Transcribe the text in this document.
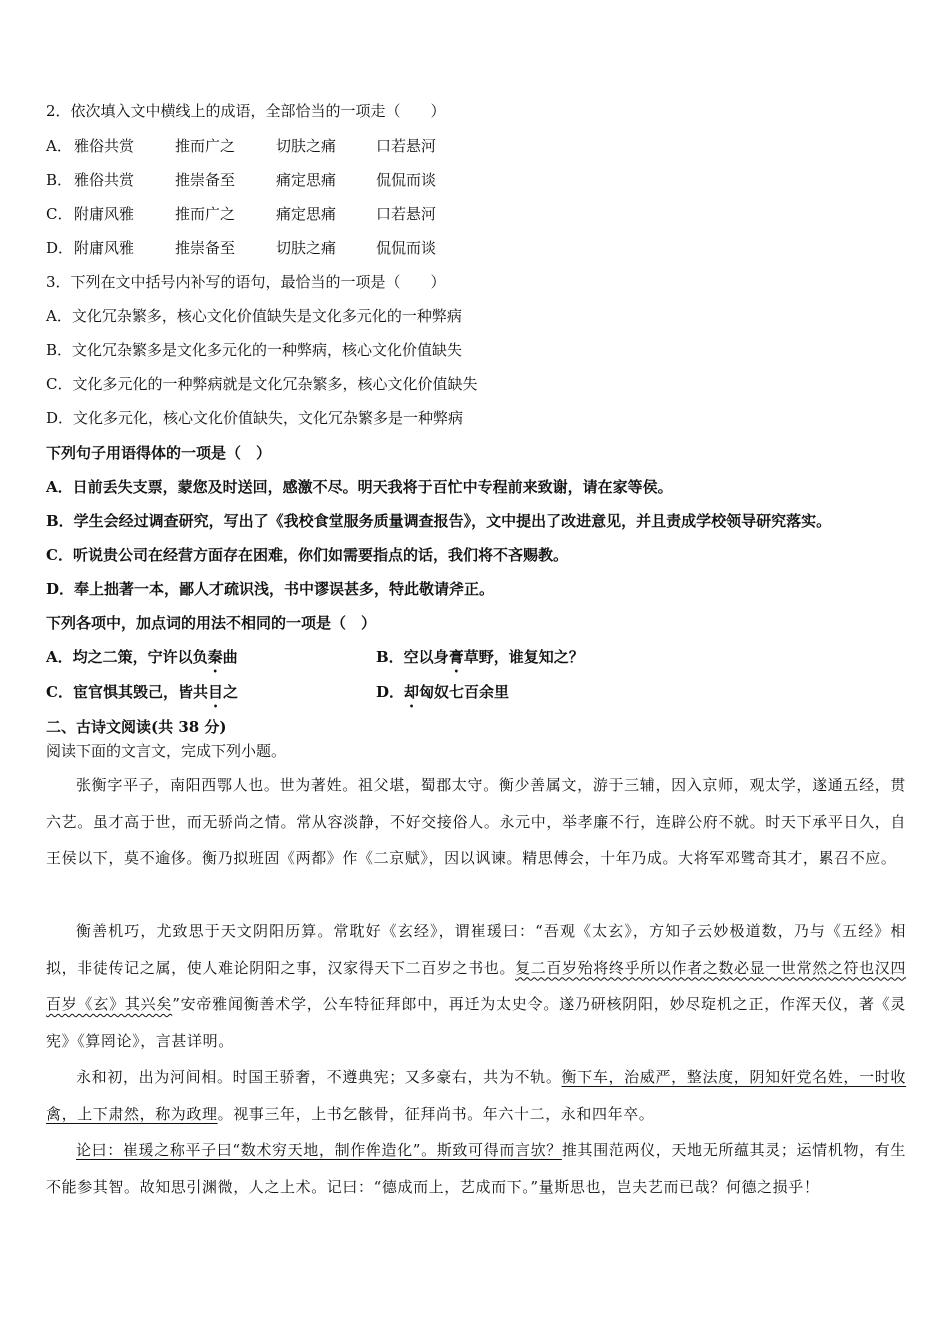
2．依次填入文中横线上的成语，全部恰当的一项走（　　）
A． 雅俗共赏	推而广之	切肤之痛	口若悬河
B． 雅俗共赏	推崇备至	痛定思痛	侃侃而谈
C． 附庸风雅	推而广之	痛定思痛	口若悬河
D．附庸风雅	推崇备至	切肤之痛	侃侃而谈
3．下列在文中括号内补写的语句，最恰当的一项是（　　）
A．文化冗杂繁多，核心文化价值缺失是文化多元化的一种弊病
B．文化冗杂繁多是文化多元化的一种弊病，核心文化价值缺失
C．文化多元化的一种弊病就是文化冗杂繁多，核心文化价值缺失
D．文化多元化，核心文化价值缺失，文化冗杂繁多是一种弊病
下列句子用语得体的一项是（　）
A．日前丢失支票，蒙您及时送回，感激不尽。明天我将于百忙中专程前来致谢，请在家等侯。
B．学生会经过调查研究，写出了《我校食堂服务质量调查报告》，文中提出了改进意见，并且责成学校领导研究落实。
C．听说贵公司在经营方面存在困难，你们如需要指点的话，我们将不吝赐教。
D．奉上拙著一本，鄙人才疏识浅，书中谬误甚多，特此敬请斧正。
下列各项中，加点词的用法不相同的一项是（　）
A．均之二策，宁许以负秦曲	B．空以身膏草野，谁复知之？
C．宦官惧其毁己，皆共目之	D．却匈奴七百余里
二、古诗文阅读(共 38 分)
阅读下面的文言文，完成下列小题。
张衡字平子，南阳西鄂人也。世为著姓。祖父堪，蜀郡太守。衡少善属文，游于三辅，因入京师，观太学，遂通五经，贯六艺。虽才高于世，而无骄尚之情。常从容淡静，不好交接俗人。永元中，举孝廉不行，连辟公府不就。时天下承平日久，自王侯以下，莫不逾侈。衡乃拟班固《两都》作《二京赋》，因以讽谏。精思傅会，十年乃成。大将军邓骘奇其才，累召不应。
衡善机巧，尤致思于天文阴阳历算。常耽好《玄经》，谓崔瑗曰：“吾观《太玄》，方知子云妙极道数，乃与《五经》相拟，非徒传记之属，使人难论阴阳之事，汉家得天下二百岁之书也。复二百岁殆将终乎所以作者之数必显一世常然之符也汉四百岁《玄》其兴矣”安帝雅闻衡善术学，公车特征拜郎中，再迁为太史令。遂乃研核阴阳，妙尽琁机之正，作浑天仪，著《灵宪》《算罔论》，言甚详明。
永和初，出为河间相。时国王骄奢，不遵典宪；又多豪右，共为不轨。衡下车，治威严，整法度，阴知奸党名姓，一时收禽，上下肃然，称为政理。视事三年，上书乞骸骨，征拜尚书。年六十二，永和四年卒。
论曰：崔瑗之称平子曰“数术穷天地，制作侔造化”。斯致可得而言欤？推其围范两仪，天地无所蕴其灵；运情机物，有生不能参其智。故知思引渊微，人之上术。记曰：“德成而上，艺成而下。”量斯思也，岂夫艺而已哉？何德之损乎！
